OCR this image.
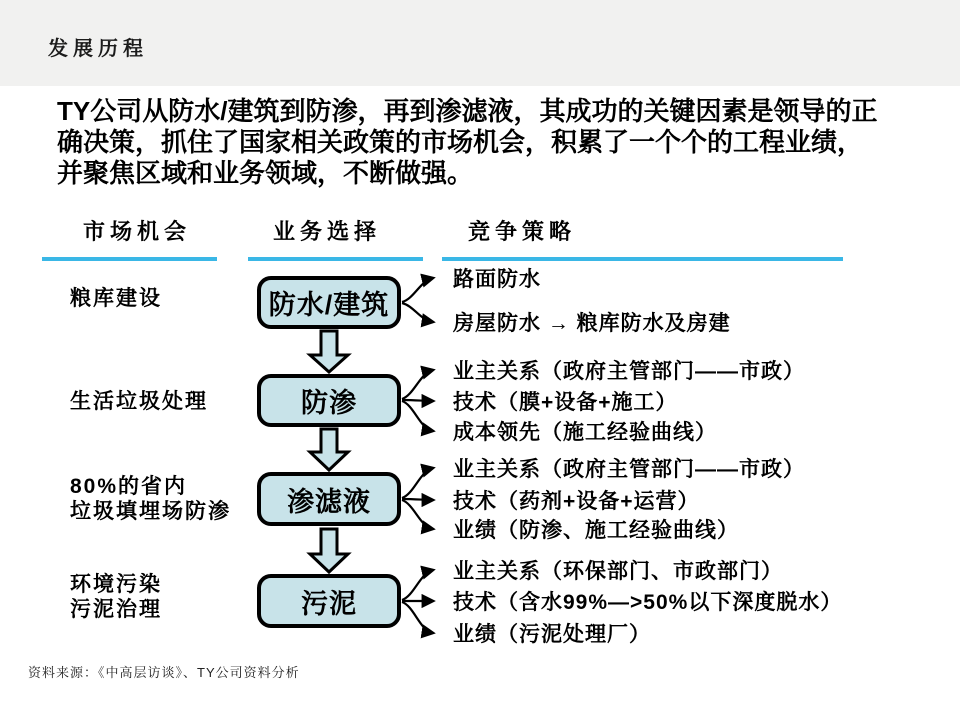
发展历程
TY公司从防水/建筑到防渗，再到渗滤液，其成功的关键因素是领导的正
确决策，抓住了国家相关政策的市场机会，积累了一个个的工程业绩，
并聚焦区域和业务领域，不断做强。
市场机会	业务选择	竞争策略
粮库建设
生活垃圾处理
80%的省内
垃圾填埋场防渗
环境污染
污泥治理
防水/建筑
防渗
渗滤液
污泥
路面防水
房屋防水 → 粮库防水及房建
业主关系（政府主管部门——市政）
技术（膜+设备+施工）
成本领先（施工经验曲线）
业主关系（政府主管部门——市政）
技术（药剂+设备+运营）
业绩（防渗、施工经验曲线）
业主关系（环保部门、市政部门）
技术（含水99%—>50%以下深度脱水）
业绩（污泥处理厂）
资料来源：《中高层访谈》、TY公司资料分析
